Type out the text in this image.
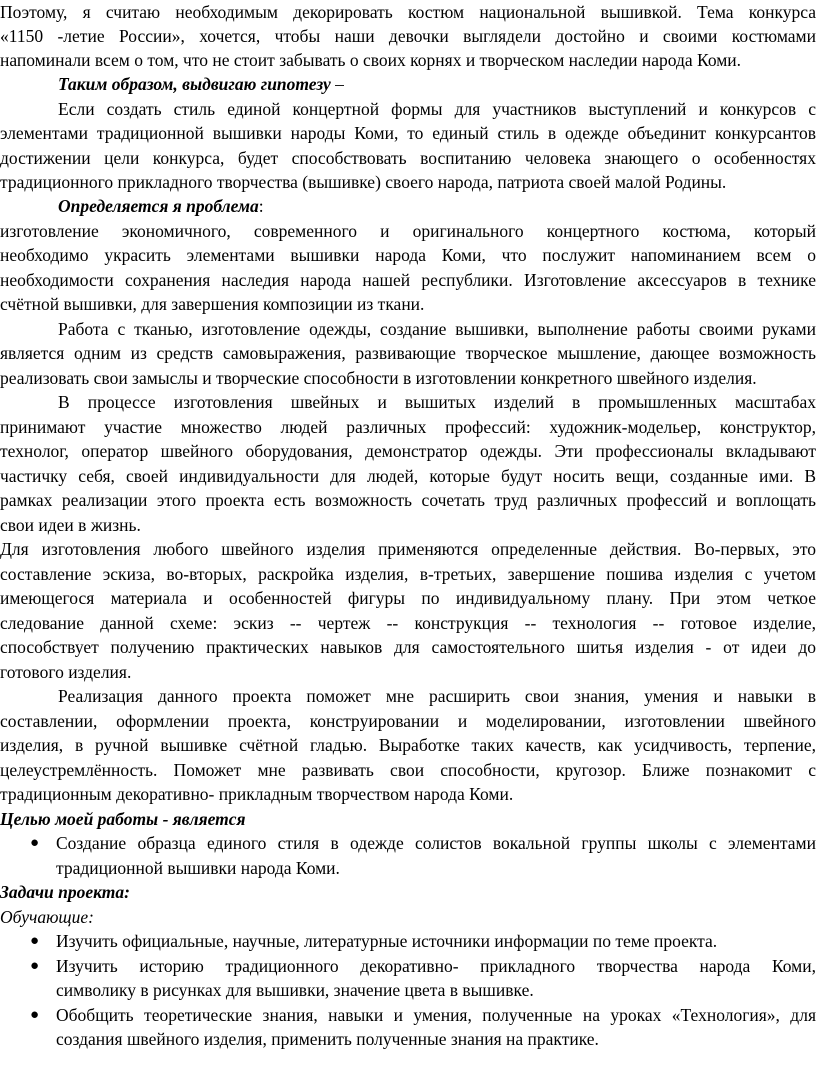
Поэтому, я считаю необходимым декорировать костюм национальной вышивкой. Тема конкурса
«1150 -летие России», хочется, чтобы наши девочки выглядели достойно и своими костюмами
напоминали всем о том, что не стоит забывать о своих корнях и творческом наследии народа Коми.
Таким образом, выдвигаю гипотезу –
Если создать стиль единой концертной формы для участников выступлений и конкурсов с
элементами традиционной вышивки народы Коми, то единый стиль в одежде объединит конкурсантов
достижении цели конкурса, будет способствовать воспитанию человека знающего о особенностях
традиционного прикладного творчества (вышивке) своего народа, патриота своей малой Родины.
Определяется я проблема:
изготовление экономичного, современного и оригинального концертного костюма, который
необходимо украсить элементами вышивки народа Коми, что послужит напоминанием всем о
необходимости сохранения наследия народа нашей республики. Изготовление аксессуаров в технике
счётной вышивки, для завершения композиции из ткани.
Работа с тканью, изготовление одежды, создание вышивки, выполнение работы своими руками
является одним из средств самовыражения, развивающие творческое мышление, дающее возможность
реализовать свои замыслы и творческие способности в изготовлении конкретного швейного изделия.
В процессе изготовления швейных и вышитых изделий в промышленных масштабах
принимают участие множество людей различных профессий: художник-модельер, конструктор,
технолог, оператор швейного оборудования, демонстратор одежды. Эти профессионалы вкладывают
частичку себя, своей индивидуальности для людей, которые будут носить вещи, созданные ими. В
рамках реализации этого проекта есть возможность сочетать труд различных профессий и воплощать
свои идеи в жизнь.
Для изготовления любого швейного изделия применяются определенные действия. Во-первых, это
составление эскиза, во-вторых, раскройка изделия, в-третьих, завершение пошива изделия с учетом
имеющегося материала и особенностей фигуры по индивидуальному плану. При этом четкое
следование данной схеме: эскиз -- чертеж -- конструкция -- технология -- готовое изделие,
способствует получению практических навыков для самостоятельного шитья изделия - от идеи до
готового изделия.
Реализация данного проекта поможет мне расширить свои знания, умения и навыки в
составлении, оформлении проекта, конструировании и моделировании, изготовлении швейного
изделия, в ручной вышивке счётной гладью. Выработке таких качеств, как усидчивость, терпение,
целеустремлённость. Поможет мне развивать свои способности, кругозор. Ближе познакомит с
традиционным декоративно- прикладным творчеством народа Коми.
Целью моей работы - является
● Создание образца единого стиля в одежде солистов вокальной группы школы с элементами
традиционной вышивки народа Коми.
Задачи проекта:
Обучающие:
● Изучить официальные, научные, литературные источники информации по теме проекта.
● Изучить историю традиционного декоративно- прикладного творчества народа Коми,
символику в рисунках для вышивки, значение цвета в вышивке.
● Обобщить теоретические знания, навыки и умения, полученные на уроках «Технология», для
создания швейного изделия, применить полученные знания на практике.
